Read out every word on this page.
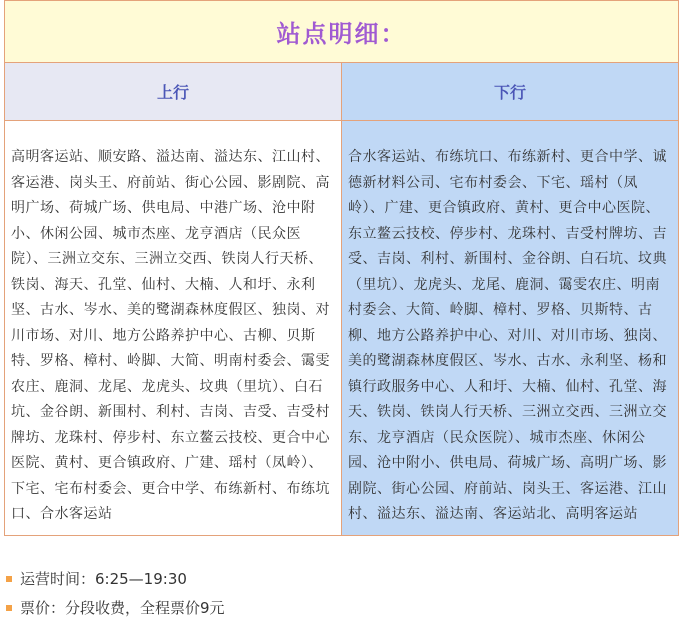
站点明细：
上行	下行
高明客运站、顺安路、溢达南、溢达东、江山村、客运港、岗头王、府前站、街心公园、影剧院、高明广场、荷城广场、供电局、中港广场、沧中附小、休闲公园、城市杰座、龙亨酒店（民众医院）、三洲立交东、三洲立交西、铁岗人行天桥、铁岗、海天、孔堂、仙村、大楠、人和圩、永利坚、古水、岑水、美的鹭湖森林度假区、独岗、对川市场、对川、地方公路养护中心、古柳、贝斯特、罗格、樟村、岭脚、大简、明南村委会、霭雯农庄、鹿洞、龙尾、龙虎头、坟典（里坑）、白石坑、金谷朗、新围村、利村、吉岗、吉受、吉受村牌坊、龙珠村、停步村、东立鳌云技校、更合中心医院、黄村、更合镇政府、广建、瑶村（凤岭）、下宅、宅布村委会、更合中学、布练新村、布练坑口、合水客运站
合水客运站、布练坑口、布练新村、更合中学、诚德新材料公司、宅布村委会、下宅、瑶村（凤岭）、广建、更合镇政府、黄村、更合中心医院、东立鳌云技校、停步村、龙珠村、吉受村牌坊、吉受、吉岗、利村、新围村、金谷朗、白石坑、坟典（里坑）、龙虎头、龙尾、鹿洞、霭雯农庄、明南村委会、大简、岭脚、樟村、罗格、贝斯特、古柳、地方公路养护中心、对川、对川市场、独岗、美的鹭湖森林度假区、岑水、古水、永利坚、杨和镇行政服务中心、人和圩、大楠、仙村、孔堂、海天、铁岗、铁岗人行天桥、三洲立交西、三洲立交东、龙亨酒店（民众医院）、城市杰座、休闲公园、沧中附小、供电局、荷城广场、高明广场、影剧院、街心公园、府前站、岗头王、客运港、江山村、溢达东、溢达南、客运站北、高明客运站
运营时间：6:25—19:30
票价：分段收费，全程票价9元
